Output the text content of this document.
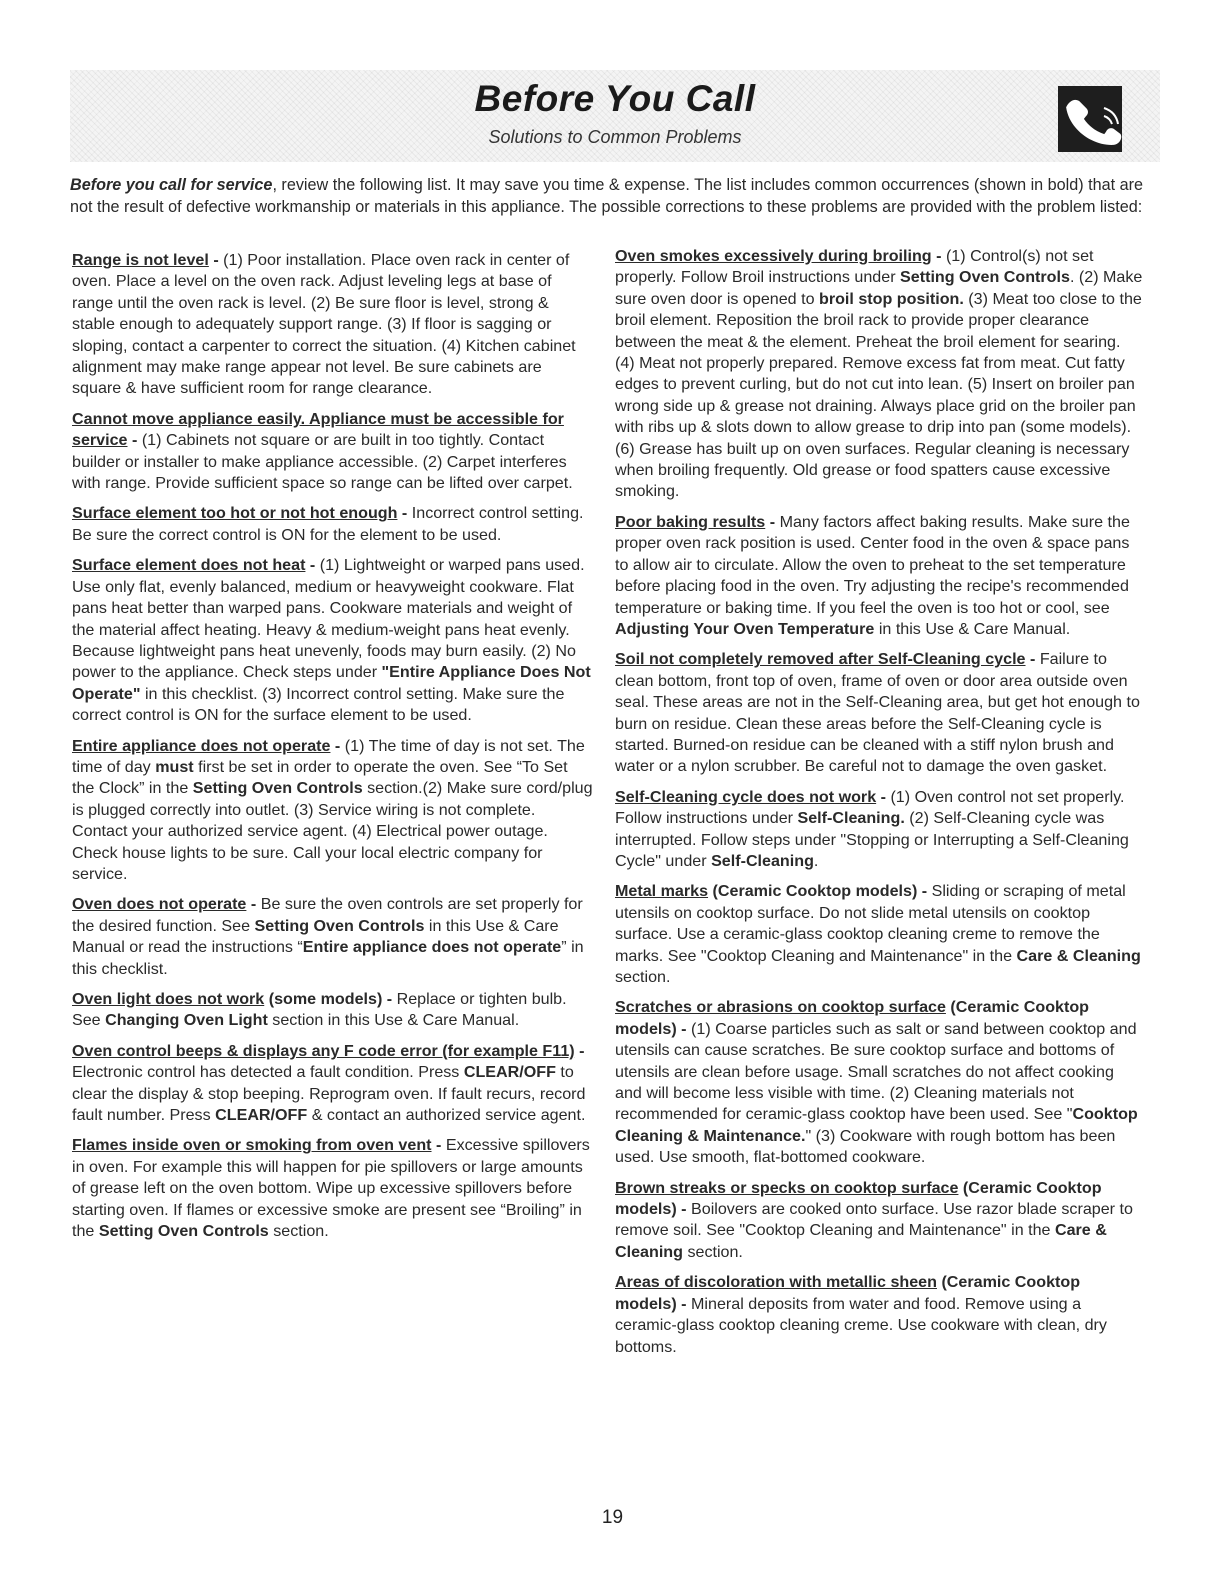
Before You Call
Solutions to Common Problems

Before you call for service, review the following list. It may save you time & expense. The list includes common occurrences (shown in bold) that are not the result of defective workmanship or materials in this appliance. The possible corrections to these problems are provided with the problem listed:

Range is not level - (1) Poor installation. Place oven rack in center of oven. Place a level on the oven rack. Adjust leveling legs at base of range until the oven rack is level. (2) Be sure floor is level, strong & stable enough to adequately support range. (3) If floor is sagging or sloping, contact a carpenter to correct the situation. (4) Kitchen cabinet alignment may make range appear not level. Be sure cabinets are square & have sufficient room for range clearance.

Cannot move appliance easily. Appliance must be accessible for service - (1) Cabinets not square or are built in too tightly. Contact builder or installer to make appliance accessible. (2) Carpet interferes with range. Provide sufficient space so range can be lifted over carpet.

Surface element too hot or not hot enough - Incorrect control setting. Be sure the correct control is ON for the element to be used.

Surface element does not heat - (1) Lightweight or warped pans used. Use only flat, evenly balanced, medium or heavyweight cookware. Flat pans heat better than warped pans. Cookware materials and weight of the material affect heating. Heavy & medium-weight pans heat evenly. Because lightweight pans heat unevenly, foods may burn easily. (2) No power to the appliance. Check steps under "Entire Appliance Does Not Operate" in this checklist. (3) Incorrect control setting. Make sure the correct control is ON for the surface element to be used.

Entire appliance does not operate - (1) The time of day is not set. The time of day must first be set in order to operate the oven. See “To Set the Clock” in the Setting Oven Controls section.(2) Make sure cord/plug is plugged correctly into outlet. (3) Service wiring is not complete. Contact your authorized service agent. (4) Electrical power outage. Check house lights to be sure. Call your local electric company for service.

Oven does not operate - Be sure the oven controls are set properly for the desired function. See Setting Oven Controls in this Use & Care Manual or read the instructions “Entire appliance does not operate” in this checklist.

Oven light does not work (some models) - Replace or tighten bulb. See Changing Oven Light section in this Use & Care Manual.

Oven control beeps & displays any F code error (for example F11) - Electronic control has detected a fault condition. Press CLEAR/OFF to clear the display & stop beeping. Reprogram oven. If fault recurs, record fault number. Press CLEAR/OFF & contact an authorized service agent.

Flames inside oven or smoking from oven vent - Excessive spillovers in oven. For example this will happen for pie spillovers or large amounts of grease left on the oven bottom. Wipe up excessive spillovers before starting oven. If flames or excessive smoke are present see “Broiling” in the Setting Oven Controls section.

Oven smokes excessively during broiling - (1) Control(s) not set properly. Follow Broil instructions under Setting Oven Controls. (2) Make sure oven door is opened to broil stop position. (3) Meat too close to the broil element. Reposition the broil rack to provide proper clearance between the meat & the element. Preheat the broil element for searing. (4) Meat not properly prepared. Remove excess fat from meat. Cut fatty edges to prevent curling, but do not cut into lean. (5) Insert on broiler pan wrong side up & grease not draining. Always place grid on the broiler pan with ribs up & slots down to allow grease to drip into pan (some models). (6) Grease has built up on oven surfaces. Regular cleaning is necessary when broiling frequently. Old grease or food spatters cause excessive smoking.

Poor baking results - Many factors affect baking results. Make sure the proper oven rack position is used. Center food in the oven & space pans to allow air to circulate. Allow the oven to preheat to the set temperature before placing food in the oven. Try adjusting the recipe's recommended temperature or baking time. If you feel the oven is too hot or cool, see Adjusting Your Oven Temperature in this Use & Care Manual.

Soil not completely removed after Self-Cleaning cycle - Failure to clean bottom, front top of oven, frame of oven or door area outside oven seal. These areas are not in the Self-Cleaning area, but get hot enough to burn on residue. Clean these areas before the Self-Cleaning cycle is started. Burned-on residue can be cleaned with a stiff nylon brush and water or a nylon scrubber. Be careful not to damage the oven gasket.

Self-Cleaning cycle does not work - (1) Oven control not set properly. Follow instructions under Self-Cleaning. (2) Self-Cleaning cycle was interrupted. Follow steps under "Stopping or Interrupting a Self-Cleaning Cycle" under Self-Cleaning.

Metal marks (Ceramic Cooktop models) - Sliding or scraping of metal utensils on cooktop surface. Do not slide metal utensils on cooktop surface. Use a ceramic-glass cooktop cleaning creme to remove the marks. See "Cooktop Cleaning and Maintenance" in the Care & Cleaning section.

Scratches or abrasions on cooktop surface (Ceramic Cooktop models) - (1) Coarse particles such as salt or sand between cooktop and utensils can cause scratches. Be sure cooktop surface and bottoms of utensils are clean before usage. Small scratches do not affect cooking and will become less visible with time. (2) Cleaning materials not recommended for ceramic-glass cooktop have been used. See "Cooktop Cleaning & Maintenance." (3) Cookware with rough bottom has been used. Use smooth, flat-bottomed cookware.

Brown streaks or specks on cooktop surface (Ceramic Cooktop models) - Boilovers are cooked onto surface. Use razor blade scraper to remove soil. See "Cooktop Cleaning and Maintenance" in the Care & Cleaning section.

Areas of discoloration with metallic sheen (Ceramic Cooktop models) - Mineral deposits from water and food. Remove using a ceramic-glass cooktop cleaning creme. Use cookware with clean, dry bottoms.

19
